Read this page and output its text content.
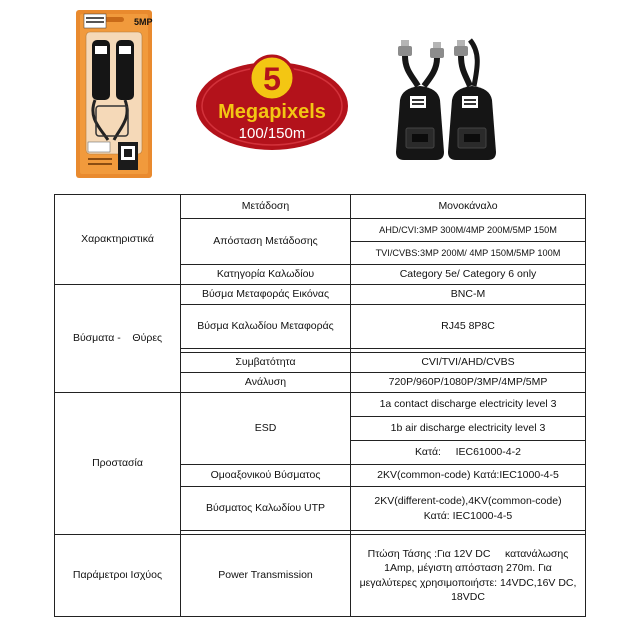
5MP
5
Megapixels
100/150m
Χαρακτηριστικά	Μετάδοση	Μονοκάναλο
	Απόσταση Μετάδοσης	AHD/CVI:3MP 300M/4MP 200M/5MP 150M
		TVI/CVBS:3MP 200M/ 4MP 150M/5MP 100M
	Κατηγορία Καλωδίου	Category 5e/ Category 6 only
Βύσματα -    Θύρες	Βύσμα Μεταφοράς Εικόνας	BNC-M
	Βύσμα Καλωδίου Μεταφοράς	RJ45 8P8C

	Συμβατότητα	CVI/TVI/AHD/CVBS
	Ανάλυση	720P/960P/1080P/3MP/4MP/5MP
Προστασία	ESD	1a contact discharge electricity level 3
		1b air discharge electricity level 3
		Κατά:     IEC61000-4-2
	Ομοαξονικού Βύσματος	2KV(common-code) Κατά:IEC1000-4-5
	Βύσματος Καλωδίου UTP	2KV(different-code),4KV(common-code)
Κατά: IEC1000-4-5

Παράμετροι Ισχύος	Power Transmission	Πτώση Τάσης :Για 12V DC     κατανάλωσης 1Amp, μέγιστη απόσταση 270m. Για μεγαλύτερες χρησιμοποιήστε: 14VDC,16V DC, 18VDC
